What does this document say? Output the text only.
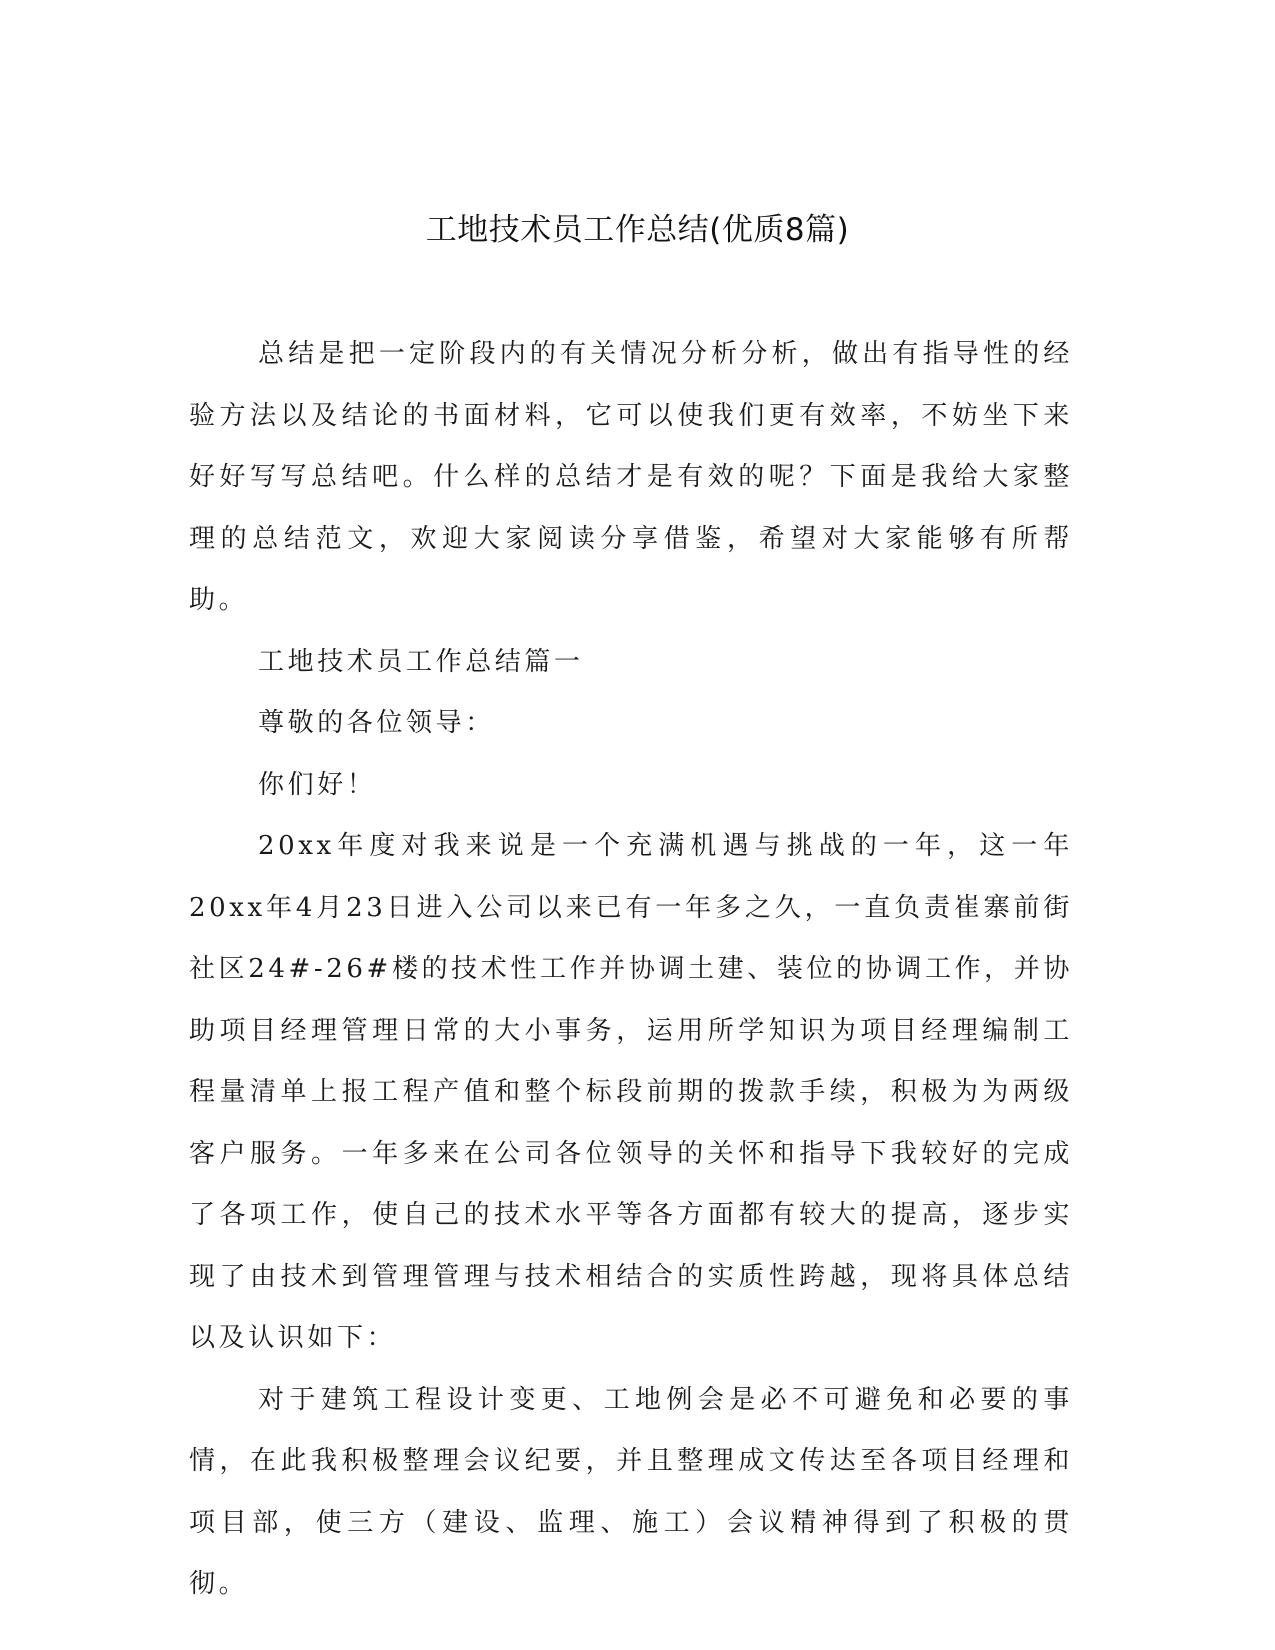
工地技术员工作总结(优质8篇)

总结是把一定阶段内的有关情况分析分析，做出有指导性的经验方法以及结论的书面材料，它可以使我们更有效率，不妨坐下来好好写写总结吧。什么样的总结才是有效的呢？下面是我给大家整理的总结范文，欢迎大家阅读分享借鉴，希望对大家能够有所帮助。

工地技术员工作总结篇一

尊敬的各位领导：

你们好！

20xx年度对我来说是一个充满机遇与挑战的一年，这一年20xx年4月23日进入公司以来已有一年多之久，一直负责崔寨前街社区24#-26#楼的技术性工作并协调土建、装位的协调工作，并协助项目经理管理日常的大小事务，运用所学知识为项目经理编制工程量清单上报工程产值和整个标段前期的拨款手续，积极为为两级客户服务。一年多来在公司各位领导的关怀和指导下我较好的完成了各项工作，使自己的技术水平等各方面都有较大的提高，逐步实现了由技术到管理管理与技术相结合的实质性跨越，现将具体总结以及认识如下：

对于建筑工程设计变更、工地例会是必不可避免和必要的事情，在此我积极整理会议纪要，并且整理成文传达至各项目经理和项目部，使三方（建设、监理、施工）会议精神得到了积极的贯彻。
